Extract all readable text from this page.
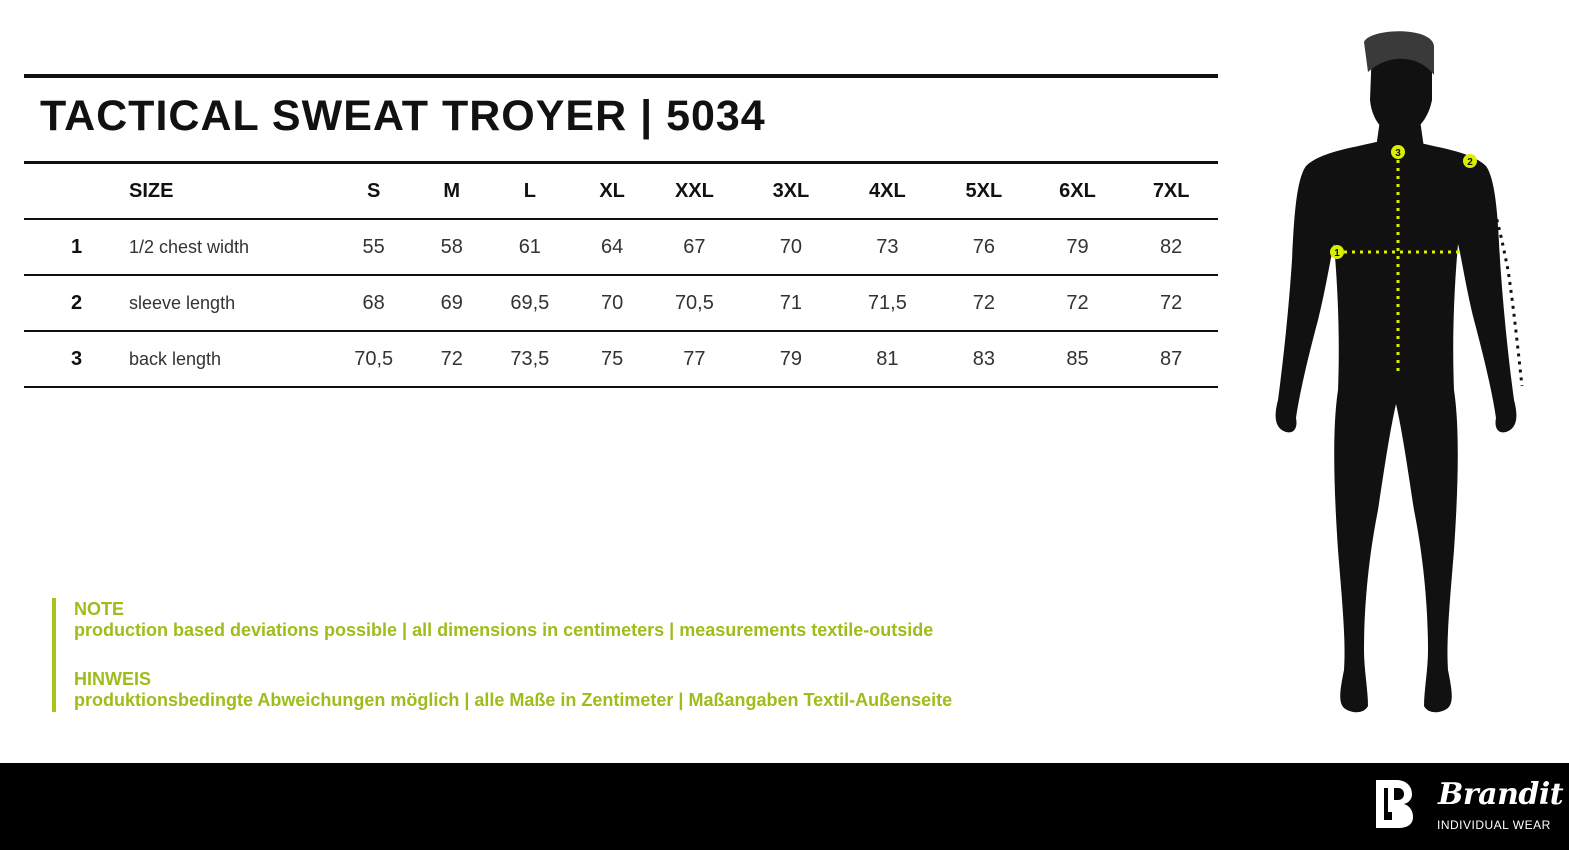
TACTICAL SWEAT TROYER | 5034
	SIZE	S	M	L	XL	XXL	3XL	4XL	5XL	6XL	7XL
1	1/2 chest width	55	58	61	64	67	70	73	76	79	82
2	sleeve length	68	69	69,5	70	70,5	71	71,5	72	72	72
3	back length	70,5	72	73,5	75	77	79	81	83	85	87
NOTE
production based deviations possible | all dimensions in centimeters | measurements textile-outside
HINWEIS
produktionsbedingte Abweichungen möglich | alle Maße in Zentimeter | Maßangaben Textil-Außenseite
1
2
3
Brandit
INDIVIDUAL WEAR
